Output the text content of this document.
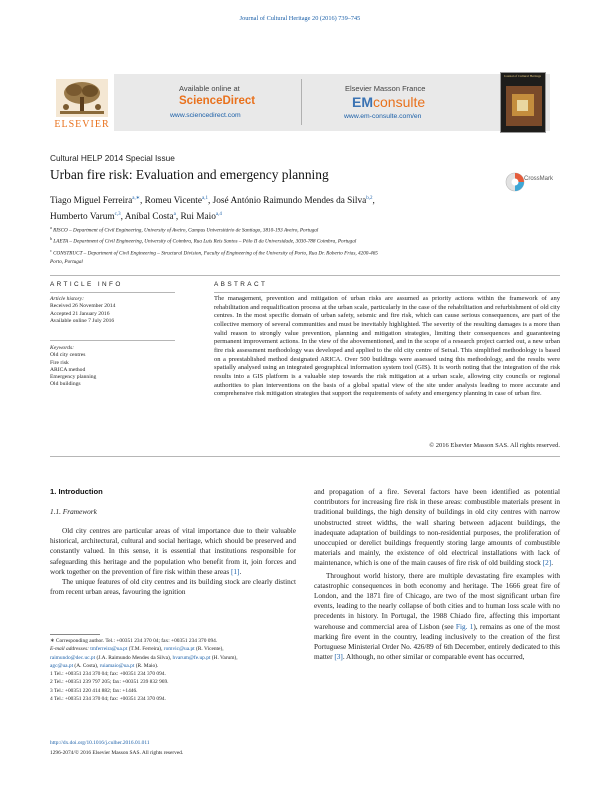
Journal of Cultural Heritage 20 (2016) 739–745
ELSEVIER
Available online at
ScienceDirect
www.sciencedirect.com
Elsevier Masson France
EMconsulte
www.em-consulte.com/en
Journal of Cultural Heritage
Cultural HELP 2014 Special Issue
Urban fire risk: Evaluation and emergency planning	CrossMark
Tiago Miguel Ferreira$^{a,∗}$, Romeu Vicente$^{a,1}$, José António Raimundo Mendes da Silva$^{b,2}$,
Humberto Varum$^{c,3}$, Aníbal Costa$^a$, Rui Maio$^{a,4}$
$^a$ RISCO – Department of Civil Engineering, University of Aveiro, Campus Universitário de Santiago, 3810-193 Aveiro, Portugal
$^b$ LAETA – Department of Civil Engineering, University of Coimbra, Rua Luís Reis Santos – Pólo II da Universidade, 3030-788 Coimbra, Portugal
$^c$ CONSTRUCT – Department of Civil Engineering – Structural Division, Faculty of Engineering of the University of Porto, Rua Dr. Roberto Frias, 4200-465
Porto, Portugal
ARTICLE INFO	ABSTRACT
Article history:
Received 26 November 2014
Accepted 21 January 2016
Available online 7 July 2016
Keywords:
Old city centres
Fire risk
ARICA method
Emergency planning
Old buildings
The management, prevention and mitigation of urban risks are assumed as priority actions within the framework of any rehabilitation and requalification process at the urban scale, particularly in the case of the rehabilitation and refurbishment of old city centres. In the most specific domain of urban safety, seismic and fire risk, which can cause serious consequences, are part of the collective memory of several communities and must be inevitably highlighted. The severity of the resulting damages is a more than valid reason to strongly value prevention, planning and mitigation strategies, limiting their consequences and guaranteeing permanent improvement actions. In the view of the abovementioned, and in the scope of a research project carried out, a new urban fire risk assessment methodology was developed and applied to the old city centre of Seixal. This simplified methodology is based on a preestablished method designated ARICA. Over 500 buildings were assessed using this methodology, and the results were spatially analysed using an integrated geographical information system tool (GIS). It is worth noting that the integration of the risk results into a GIS platform is a valuable step towards the risk mitigation at a urban scale, allowing city councils or regional authorities to plan interventions on the basis of a global spatial view of the site under analysis leading to more accurate and comprehensive risk mitigation strategies that support the requirements of safety and emergency planning in case of urban fire.
© 2016 Elsevier Masson SAS. All rights reserved.
1. Introduction
1.1. Framework
Old city centres are particular areas of vital importance due to their valuable historical, architectural, cultural and social heritage, which should be preserved and constantly valued. In this sense, it is essential that institutions responsible for safeguarding this heritage and the population who benefit from it, join forces and work together on the prevention of fire risk within these areas [1].
The unique features of old city centres and its building stock are clearly distinct from recent urban areas, favouring the ignition
and propagation of a fire. Several factors have been identified as potential contributors for increasing fire risk in these areas: combustible materials present in traditional buildings, the high density of buildings in old city centres with narrow unobstructed street widths, the wall sharing between adjacent buildings, the inadequate adaptation of buildings to non-residential purposes, the proliferation of unoccupied or derelict buildings frequently storing large amounts of combustible materials and mainly, the existence of old electrical installations with lack of maintenance, which is one of the main causes of fire risk of old building stock [2].
Throughout world history, there are multiple devastating fire examples with catastrophic consequences in both economy and heritage. The 1666 great fire of London, and the 1871 fire of Chicago, are two of the most significant urban fire events, leading to the nearly collapse of both cities and to human loss scale with no precedents in history. In Portugal, the 1988 Chiado fire, affecting this important warehouse and commercial area of Lisbon (see Fig. 1), remains as one of the most marking fire event in the country, leading inclusively to the creation of the first Portuguese Ministerial Order No. 426/89 of 6th December, entirely dedicated to this matter [3]. Although, no other similar or comparable event has occurred,
∗ Corresponding author. Tel.: +00351 234 370 04; fax: +00351 234 370 094.
E-mail addresses: tmferreira@ua.pt (T.M. Ferreira), romvic@ua.pt (R. Vicente),
raimundo@dec.uc.pt (J.A. Raimundo Mendes da Silva), hvarum@fe.up.pt (H. Varum),
agc@ua.pt (A. Costa), ruiamaio@ua.pt (R. Maio).
1 Tel.: +00351 234 370 04; fax: +00351 234 370 094.
2 Tel.: +00351 239 797 205; fax: +00351 239 832 969.
3 Tel.: +00351 220 414 882; fax: +1446.
4 Tel.: +00351 234 370 04; fax: +00351 234 370 094.
http://dx.doi.org/10.1016/j.culher.2016.01.011
1296-2074/© 2016 Elsevier Masson SAS. All rights reserved.
